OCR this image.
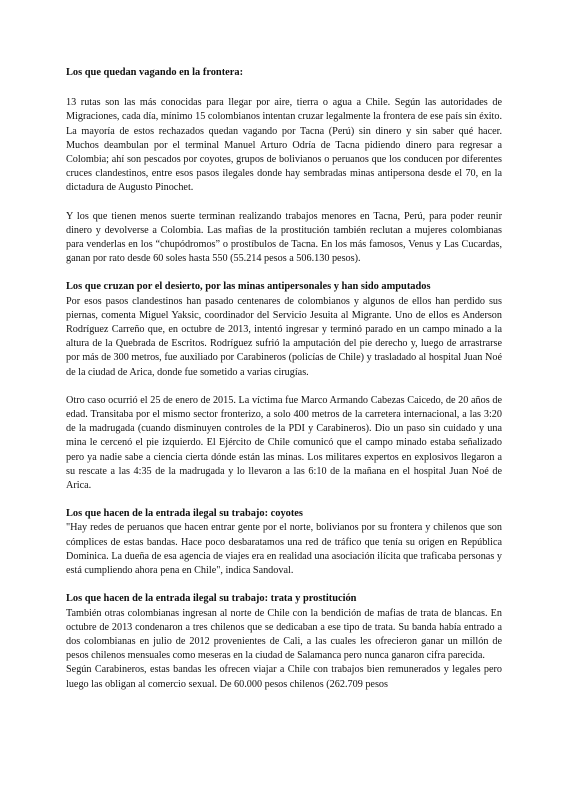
Los que quedan vagando en la frontera:

13 rutas son las más conocidas para llegar por aire, tierra o agua a Chile. Según las autoridades de Migraciones, cada día, mínimo 15 colombianos intentan cruzar legalmente la frontera de ese país sin éxito. La mayoría de estos rechazados quedan vagando por Tacna (Perú) sin dinero y sin saber qué hacer. Muchos deambulan por el terminal Manuel Arturo Odría de Tacna pidiendo dinero para regresar a Colombia; ahí son pescados por coyotes, grupos de bolivianos o peruanos que los conducen por diferentes cruces clandestinos, entre esos pasos ilegales donde hay sembradas minas antipersona desde el 70, en la dictadura de Augusto Pinochet.

Y los que tienen menos suerte terminan realizando trabajos menores en Tacna, Perú, para poder reunir dinero y devolverse a Colombia. Las mafias de la prostitución también reclutan a mujeres colombianas para venderlas en los “chupódromos” o prostíbulos de Tacna. En los más famosos, Venus y Las Cucardas, ganan por rato desde 60 soles hasta 550 (55.214 pesos a 506.130 pesos).

Los que cruzan por el desierto, por las minas antipersonales y han sido amputados

Por esos pasos clandestinos han pasado centenares de colombianos y algunos de ellos han perdido sus piernas, comenta Miguel Yaksic, coordinador del Servicio Jesuita al Migrante. Uno de ellos es Anderson Rodríguez Carreño que, en octubre de 2013, intentó ingresar y terminó parado en un campo minado a la altura de la Quebrada de Escritos. Rodríguez sufrió la amputación del pie derecho y, luego de arrastrarse por más de 300 metros, fue auxiliado por Carabineros (policías de Chile) y trasladado al hospital Juan Noé de la ciudad de Arica, donde fue sometido a varias cirugías.

Otro caso ocurrió el 25 de enero de 2015. La víctima fue Marco Armando Cabezas Caicedo, de 20 años de edad. Transitaba por el mismo sector fronterizo, a solo 400 metros de la carretera internacional, a las 3:20 de la madrugada (cuando disminuyen controles de la PDI y Carabineros). Dio un paso sin cuidado y una mina le cercenó el pie izquierdo. El Ejército de Chile comunicó que el campo minado estaba señalizado pero ya nadie sabe a ciencia cierta dónde están las minas. Los militares expertos en explosivos llegaron a su rescate a las 4:35 de la madrugada y lo llevaron a las 6:10 de la mañana en el hospital Juan Noé de Arica.

Los que hacen de la entrada ilegal su trabajo: coyotes

"Hay redes de peruanos que hacen entrar gente por el norte, bolivianos por su frontera y chilenos que son cómplices de estas bandas. Hace poco desbaratamos una red de tráfico que tenía su origen en República Dominica. La dueña de esa agencia de viajes era en realidad una asociación ilícita que traficaba personas y está cumpliendo ahora pena en Chile", indica Sandoval.

Los que hacen de la entrada ilegal su trabajo: trata y prostitución

También otras colombianas ingresan al norte de Chile con la bendición de mafias de trata de blancas. En octubre de 2013 condenaron a tres chilenos que se dedicaban a ese tipo de trata. Su banda había entrado a dos colombianas en julio de 2012 provenientes de Cali, a las cuales les ofrecieron ganar un millón de pesos chilenos mensuales como meseras en la ciudad de Salamanca pero nunca ganaron cifra parecida.

Según Carabineros, estas bandas les ofrecen viajar a Chile con trabajos bien remunerados y legales pero luego las obligan al comercio sexual. De 60.000 pesos chilenos (262.709 pesos
